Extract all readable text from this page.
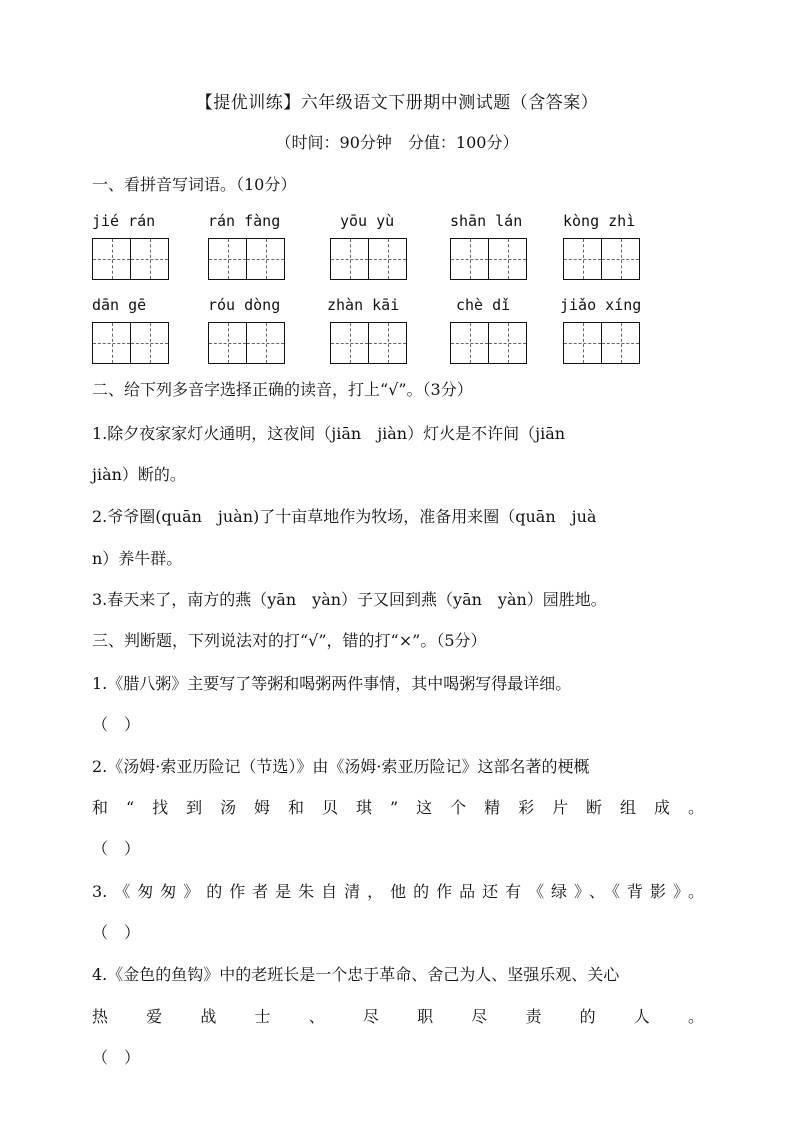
【提优训练】六年级语文下册期中测试题（含答案）
（时间：90分钟　分值：100分）
一、看拼音写词语。（10分）
jié rán	rán fàng	yōu yù	shān lán	kòng zhì
dān gē	róu dòng	zhàn kāi	chè dǐ	jiǎo xíng
二、给下列多音字选择正确的读音，打上“√”。（3分）
1.除夕夜家家灯火通明，这夜间（jiān　jiàn）灯火是不许间（jiān
jiàn）断的。
2.爷爷圈(quān　juàn)了十亩草地作为牧场，准备用来圈（quān　juà
n）养牛群。
3.春天来了，南方的燕（yān　yàn）子又回到燕（yān　yàn）园胜地。
三、判断题，下列说法对的打“√”，错的打“×”。（5分）
1.《腊八粥》主要写了等粥和喝粥两件事情，其中喝粥写得最详细。
（　）
2.《汤姆·索亚历险记（节选）》由《汤姆·索亚历险记》这部名著的梗概
和“找到汤姆和贝琪”这个精彩片断组成。
（　）
3.《匆匆》的作者是朱自清，他的作品还有《绿》、《背影》。
（　）
4.《金色的鱼钩》中的老班长是一个忠于革命、舍己为人、坚强乐观、关心
热爱战士、尽职尽责的人。
（　）
